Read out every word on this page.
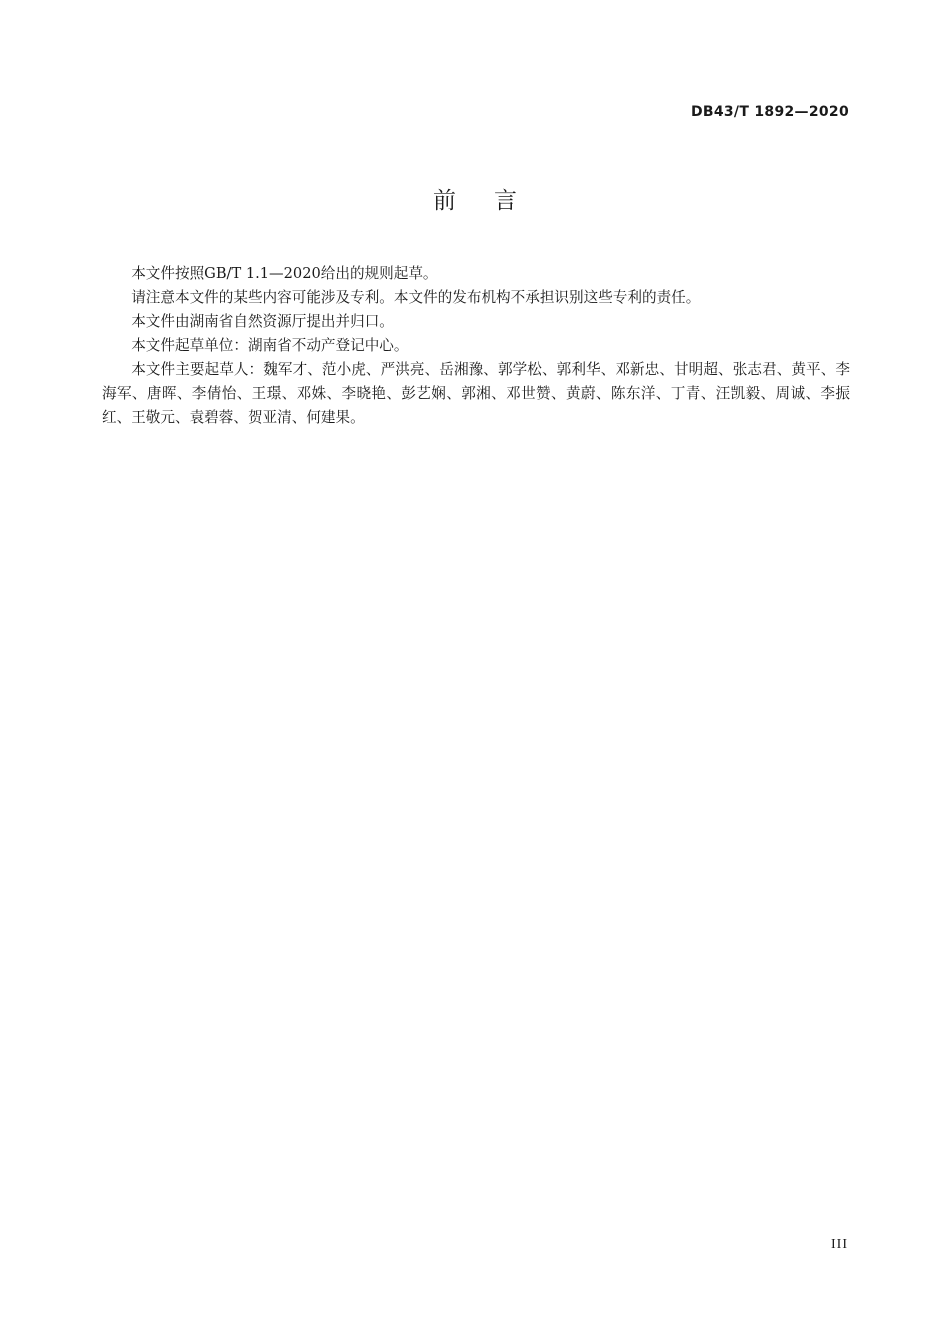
DB43/T 1892—2020
前言

本文件按照GB/T 1.1—2020给出的规则起草。

请注意本文件的某些内容可能涉及专利。本文件的发布机构不承担识别这些专利的责任。

本文件由湖南省自然资源厅提出并归口。

本文件起草单位：湖南省不动产登记中心。

本文件主要起草人：魏军才、范小虎、严洪亮、岳湘豫、郭学松、郭利华、邓新忠、甘明超、张志君、黄平、李海军、唐晖、李倩怡、王璟、邓姝、李晓艳、彭艺娴、郭湘、邓世赞、黄蔚、陈东洋、丁青、汪凯毅、周诚、李振红、王敬元、袁碧蓉、贺亚清、何建果。

III
